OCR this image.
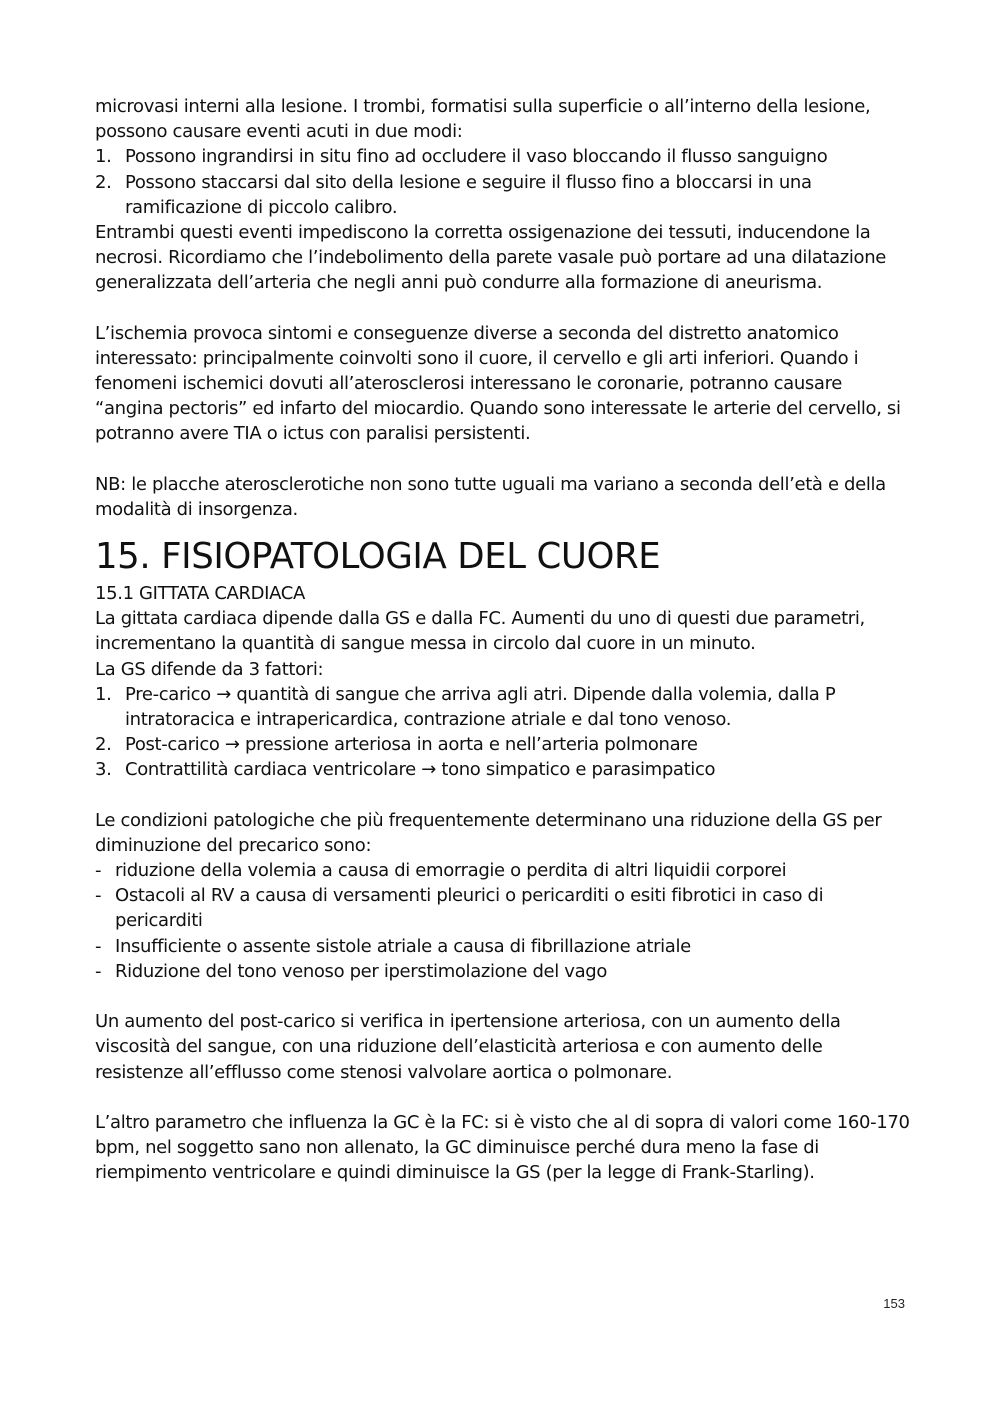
microvasi interni alla lesione. I trombi, formatisi sulla superficie o all’interno della lesione, possono causare eventi acuti in due modi:

1. Possono ingrandirsi in situ fino ad occludere il vaso bloccando il flusso sanguigno
2. Possono staccarsi dal sito della lesione e seguire il flusso fino a bloccarsi in una ramificazione di piccolo calibro.

Entrambi questi eventi impediscono la corretta ossigenazione dei tessuti, inducendone la necrosi. Ricordiamo che l’indebolimento della parete vasale può portare ad una dilatazione generalizzata dell’arteria che negli anni può condurre alla formazione di aneurisma.

L’ischemia provoca sintomi e conseguenze diverse a seconda del distretto anatomico interessato: principalmente coinvolti sono il cuore, il cervello e gli arti inferiori. Quando i fenomeni ischemici dovuti all’aterosclerosi interessano le coronarie, potranno causare “angina pectoris” ed infarto del miocardio. Quando sono interessate le arterie del cervello, si potranno avere TIA o ictus con paralisi persistenti.

NB: le placche aterosclerotiche non sono tutte uguali ma variano a seconda dell’età e della modalità di insorgenza.

15. FISIOPATOLOGIA DEL CUORE
15.1 GITTATA CARDIACA

La gittata cardiaca dipende dalla GS e dalla FC. Aumenti du uno di questi due parametri, incrementano la quantità di sangue messa in circolo dal cuore in un minuto.

La GS difende da 3 fattori:

1. Pre-carico → quantità di sangue che arriva agli atri. Dipende dalla volemia, dalla P intratoracica e intrapericardica, contrazione atriale e dal tono venoso.
2. Post-carico → pressione arteriosa in aorta e nell’arteria polmonare
3. Contrattilità cardiaca ventricolare → tono simpatico e parasimpatico

Le condizioni patologiche che più frequentemente determinano una riduzione della GS per diminuzione del precarico sono:

- riduzione della volemia a causa di emorragie o perdita di altri liquidii corporei
- Ostacoli al RV a causa di versamenti pleurici o pericarditi o esiti fibrotici in caso di pericarditi
- Insufficiente o assente sistole atriale a causa di fibrillazione atriale
- Riduzione del tono venoso per iperstimolazione del vago

Un aumento del post-carico si verifica in ipertensione arteriosa, con un aumento della viscosità del sangue, con una riduzione dell’elasticità arteriosa e con aumento delle resistenze all’efflusso come stenosi valvolare aortica o polmonare.

L’altro parametro che influenza la GC è la FC: si è visto che al di sopra di valori come 160-170 bpm, nel soggetto sano non allenato, la GC diminuisce perché dura meno la fase di riempimento ventricolare e quindi diminuisce la GS (per la legge di Frank-Starling).

153
